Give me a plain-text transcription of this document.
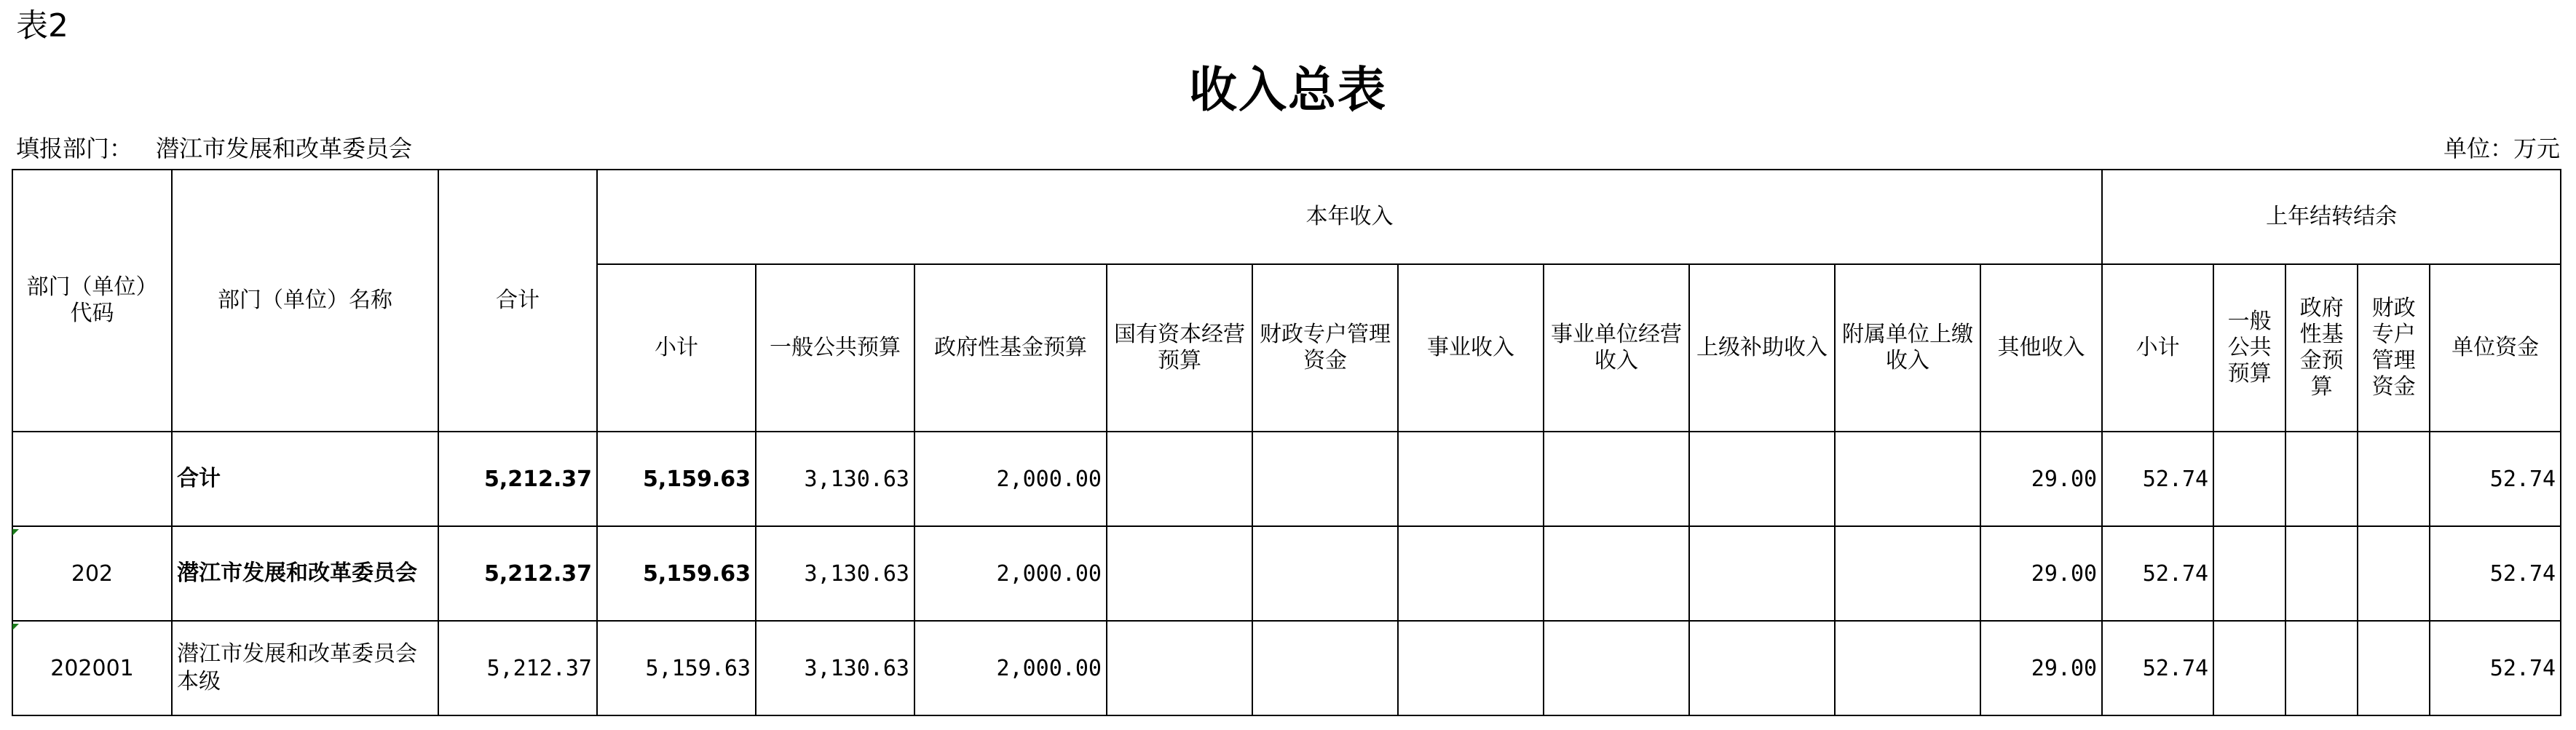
表2
收入总表
填报部门： 潜江市发展和改革委员会	单位：万元
部门（单位）代码	部门（单位）名称	合计	本年收入										上年结转结余				
			小计	一般公共预算	政府性基金预算	国有资本经营预算	财政专户管理资金	事业收入	事业单位经营收入	上级补助收入	附属单位上缴收入	其他收入	小计	一般公共预算	政府性基金预算	财政专户管理资金	单位资金
	合计	5,212.37	5,159.63	3,130.63	2,000.00							29.00	52.74				52.74
202	潜江市发展和改革委员会	5,212.37	5,159.63	3,130.63	2,000.00							29.00	52.74				52.74
202001	潜江市发展和改革委员会本级	5,212.37	5,159.63	3,130.63	2,000.00							29.00	52.74				52.74
